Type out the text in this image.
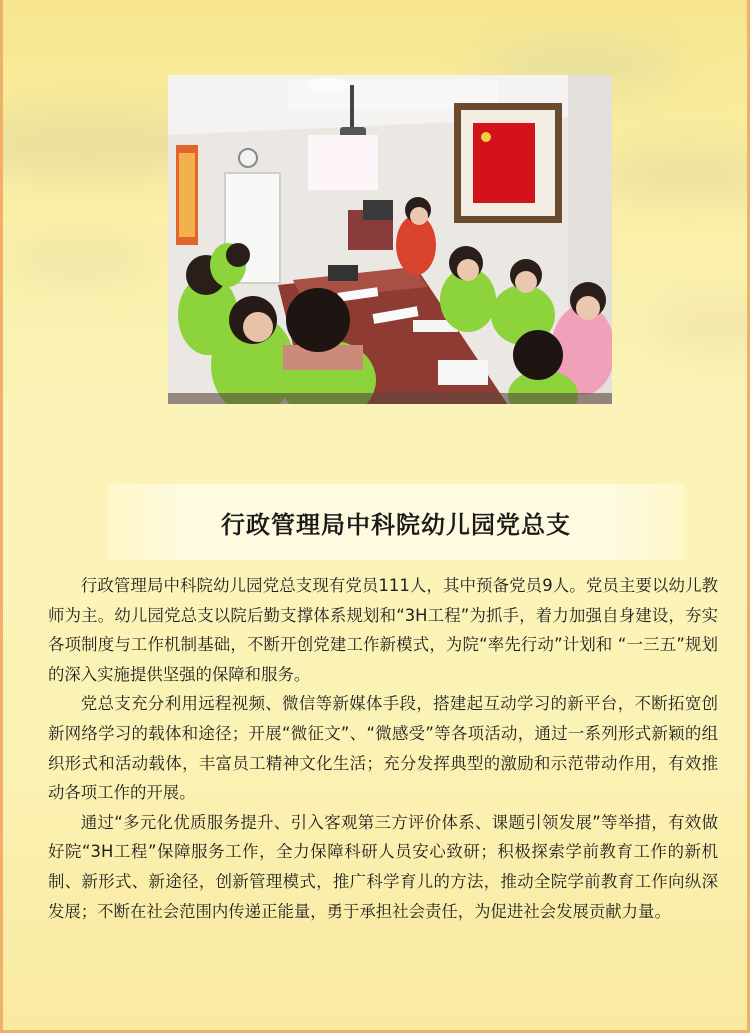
行政管理局中科院幼儿园党总支

行政管理局中科院幼儿园党总支现有党员111人，其中预备党员9人。党员主要以幼儿教师为主。幼儿园党总支以院后勤支撑体系规划和“3H工程”为抓手，着力加强自身建设，夯实各项制度与工作机制基础，不断开创党建工作新模式，为院“率先行动”计划和 “一三五”规划的深入实施提供坚强的保障和服务。

党总支充分利用远程视频、微信等新媒体手段，搭建起互动学习的新平台，不断拓宽创新网络学习的载体和途径；开展“微征文”、“微感受”等各项活动，通过一系列形式新颖的组织形式和活动载体，丰富员工精神文化生活；充分发挥典型的激励和示范带动作用，有效推动各项工作的开展。

通过“多元化优质服务提升、引入客观第三方评价体系、课题引领发展”等举措，有效做好院“3H工程”保障服务工作，全力保障科研人员安心致研；积极探索学前教育工作的新机制、新形式、新途径，创新管理模式，推广科学育儿的方法，推动全院学前教育工作向纵深发展；不断在社会范围内传递正能量，勇于承担社会责任，为促进社会发展贡献力量。
